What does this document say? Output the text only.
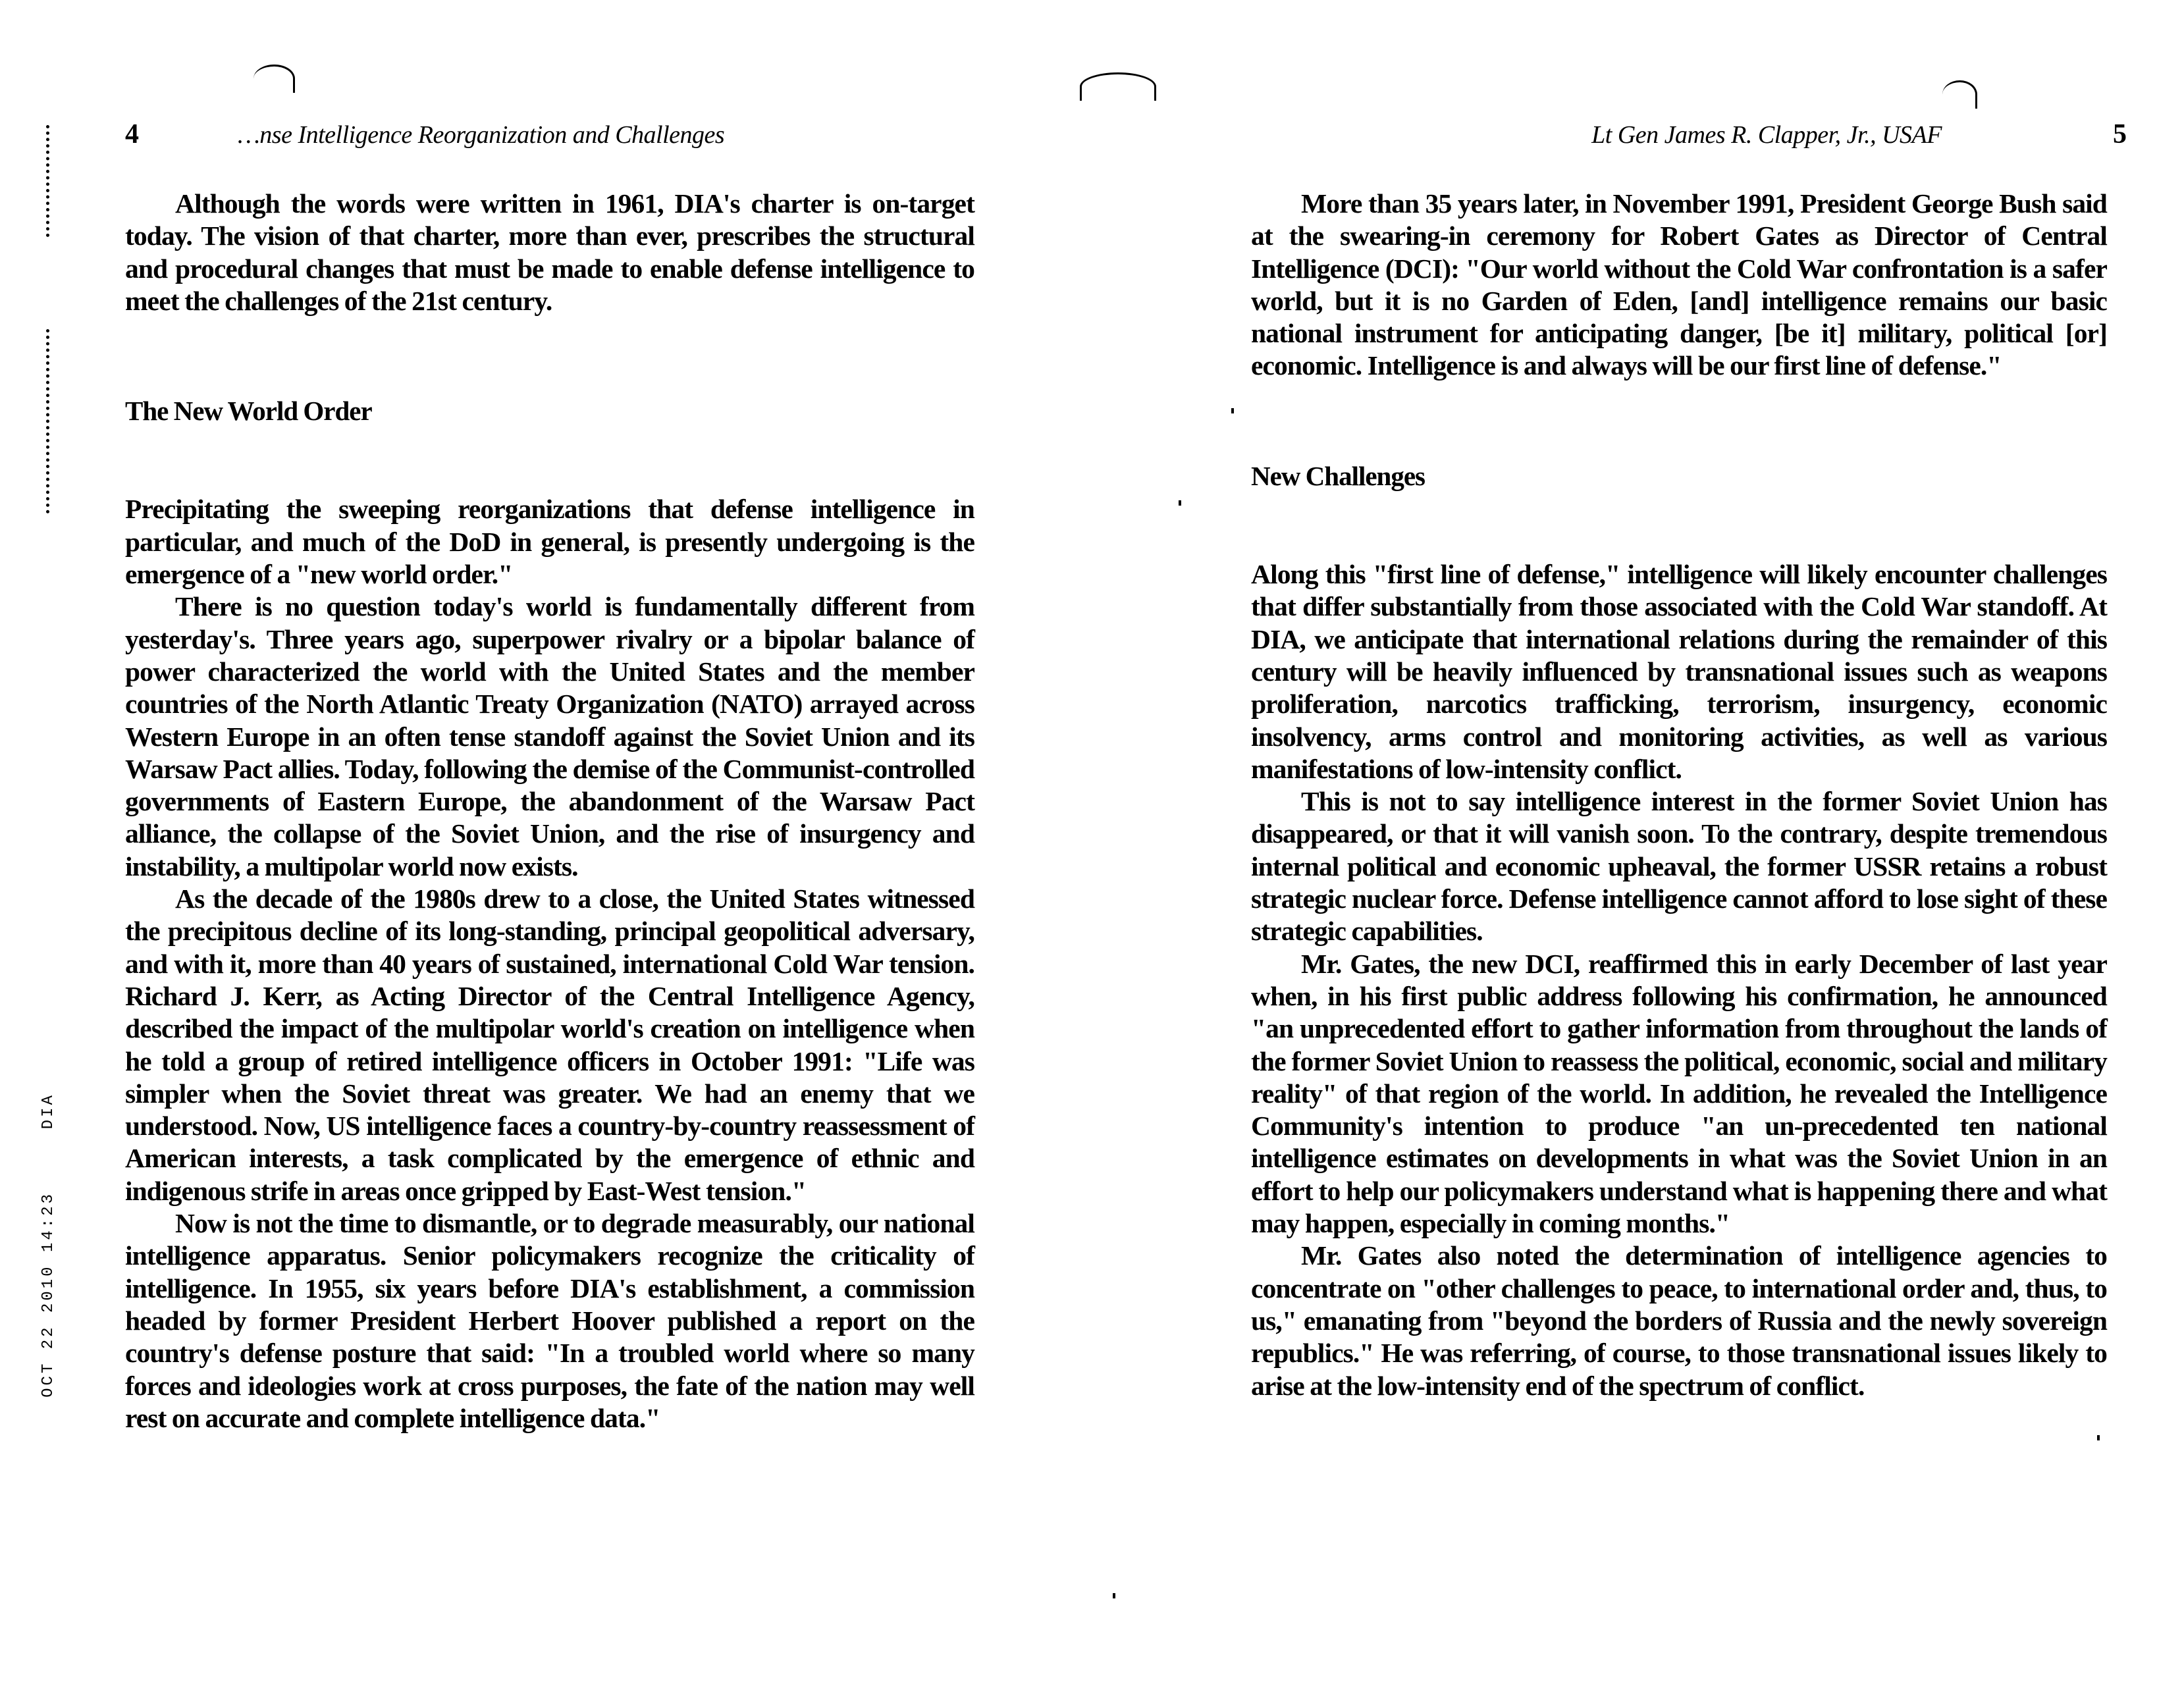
DIA
OCT 22 2010 14:23
4	…nse Intelligence Reorganization and Challenges

Although the words were written in 1961, DIA's charter is on-target today. The vision of that charter, more than ever, prescribes the structural and procedural changes that must be made to enable defense intelligence to meet the challenges of the 21st century.

The New World Order

Precipitating the sweeping reorganizations that defense intelligence in particular, and much of the DoD in general, is presently undergoing is the emergence of a "new world order."

There is no question today's world is fundamentally different from yesterday's. Three years ago, superpower rivalry or a bipolar balance of power characterized the world with the United States and the member countries of the North Atlantic Treaty Organization (NATO) arrayed across Western Europe in an often tense standoff against the Soviet Union and its Warsaw Pact allies. Today, following the demise of the Communist-controlled governments of Eastern Europe, the abandonment of the Warsaw Pact alliance, the collapse of the Soviet Union, and the rise of insurgency and instability, a multipolar world now exists.

As the decade of the 1980s drew to a close, the United States witnessed the precipitous decline of its long-standing, principal geopolitical adversary, and with it, more than 40 years of sustained, international Cold War tension. Richard J. Kerr, as Acting Director of the Central Intelligence Agency, described the impact of the multipolar world's creation on intelligence when he told a group of retired intelligence officers in October 1991: "Life was simpler when the Soviet threat was greater. We had an enemy that we understood. Now, US intelligence faces a country-by-country reassessment of American interests, a task complicated by the emergence of ethnic and indigenous strife in areas once gripped by East-West tension."

Now is not the time to dismantle, or to degrade measurably, our national intelligence apparatus. Senior policymakers recognize the criticality of intelligence. In 1955, six years before DIA's establishment, a commission headed by former President Herbert Hoover published a report on the country's defense posture that said: "In a troubled world where so many forces and ideologies work at cross purposes, the fate of the nation may well rest on accurate and complete intelligence data."

Lt Gen James R. Clapper, Jr., USAF	5

More than 35 years later, in November 1991, President George Bush said at the swearing-in ceremony for Robert Gates as Director of Central Intelligence (DCI): "Our world without the Cold War confrontation is a safer world, but it is no Garden of Eden, [and] intelligence remains our basic national instrument for anticipating danger, [be it] military, political [or] economic. Intelligence is and always will be our first line of defense."

New Challenges

Along this "first line of defense," intelligence will likely encounter challenges that differ substantially from those associated with the Cold War standoff. At DIA, we anticipate that international relations during the remainder of this century will be heavily influenced by transnational issues such as weapons proliferation, narcotics trafficking, terrorism, insurgency, economic insolvency, arms control and monitoring activities, as well as various manifestations of low-intensity conflict.

This is not to say intelligence interest in the former Soviet Union has disappeared, or that it will vanish soon. To the contrary, despite tremendous internal political and economic upheaval, the former USSR retains a robust strategic nuclear force. Defense intelligence cannot afford to lose sight of these strategic capabilities.

Mr. Gates, the new DCI, reaffirmed this in early December of last year when, in his first public address following his confirmation, he announced "an unprecedented effort to gather information from throughout the lands of the former Soviet Union to reassess the political, economic, social and military reality" of that region of the world. In addition, he revealed the Intelligence Community's intention to produce "an un-precedented ten national intelligence estimates on developments in what was the Soviet Union in an effort to help our policymakers understand what is happening there and what may happen, especially in coming months."

Mr. Gates also noted the determination of intelligence agencies to concentrate on "other challenges to peace, to international order and, thus, to us," emanating from "beyond the borders of Russia and the newly sovereign republics." He was referring, of course, to those transnational issues likely to arise at the low-intensity end of the spectrum of conflict.
